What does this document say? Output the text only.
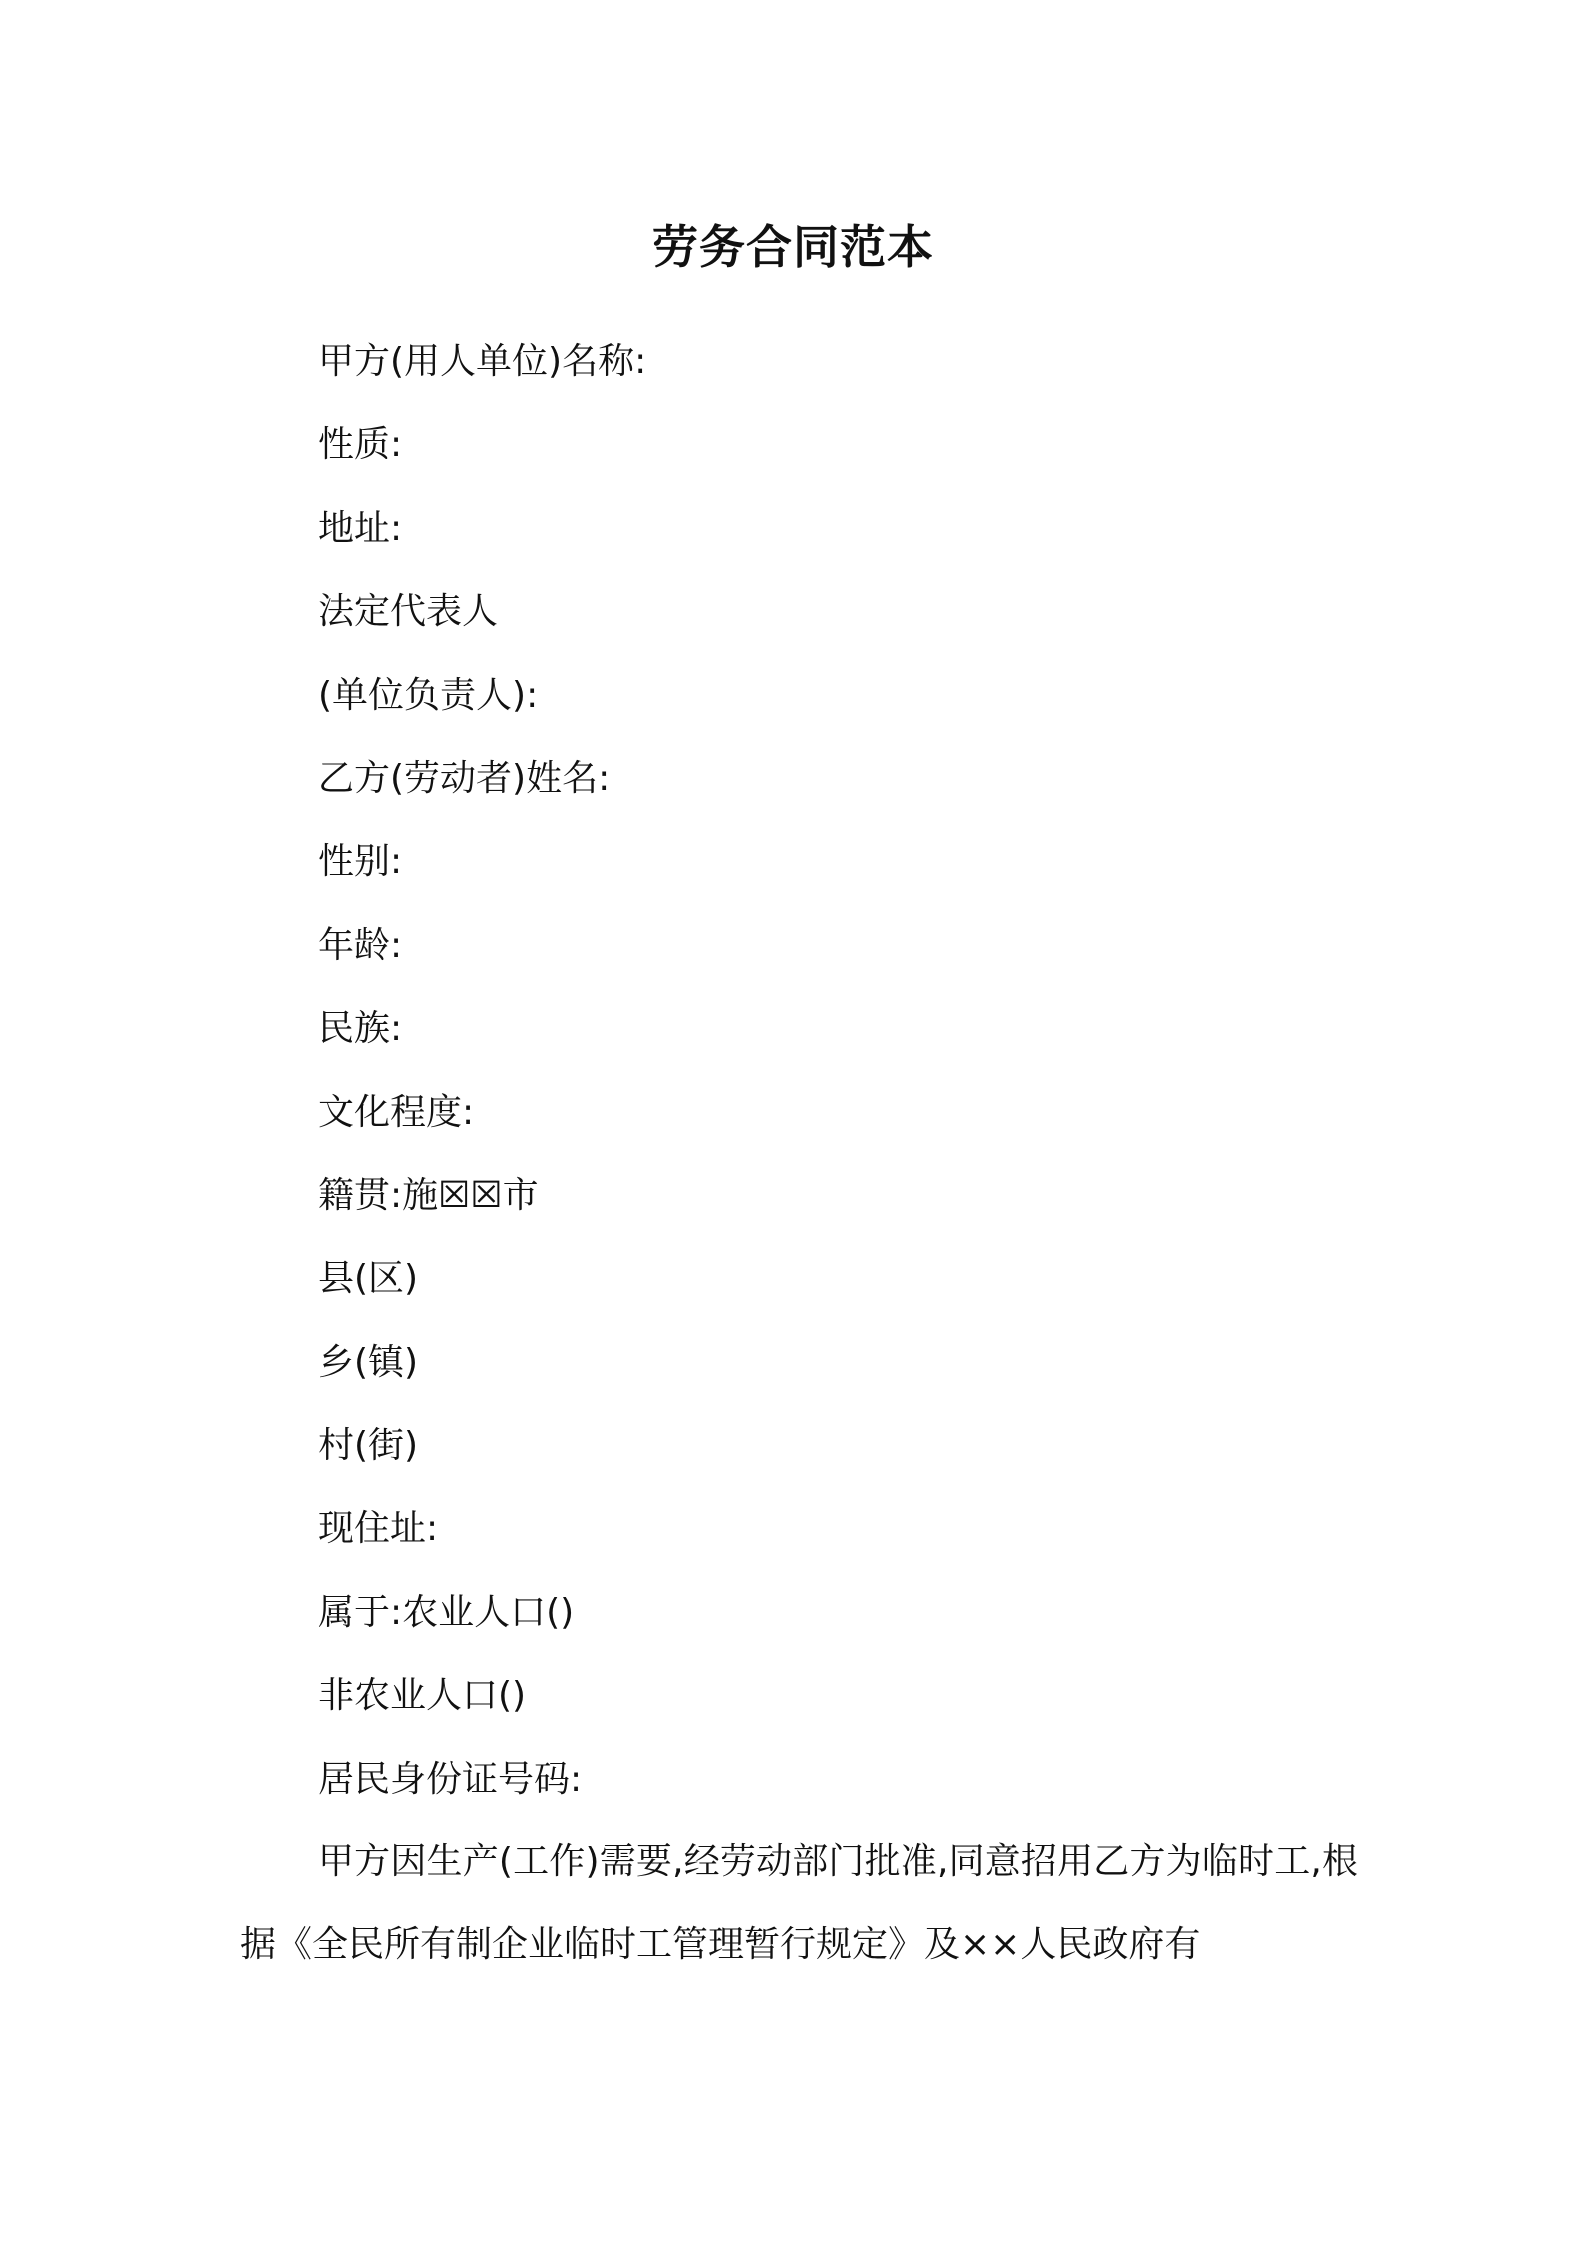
劳务合同范本
甲方(用人单位)名称:
性质:
地址:
法定代表人
(单位负责人):
乙方(劳动者)姓名:
性别:
年龄:
民族:
文化程度:
籍贯:施☒☒市
县(区)
乡(镇)
村(街)
现住址:
属于:农业人口()
非农业人口()
居民身份证号码:

甲方因生产(工作)需要,经劳动部门批准,同意招用乙方为临时工,根据《全民所有制企业临时工管理暂行规定》及××人民政府有
